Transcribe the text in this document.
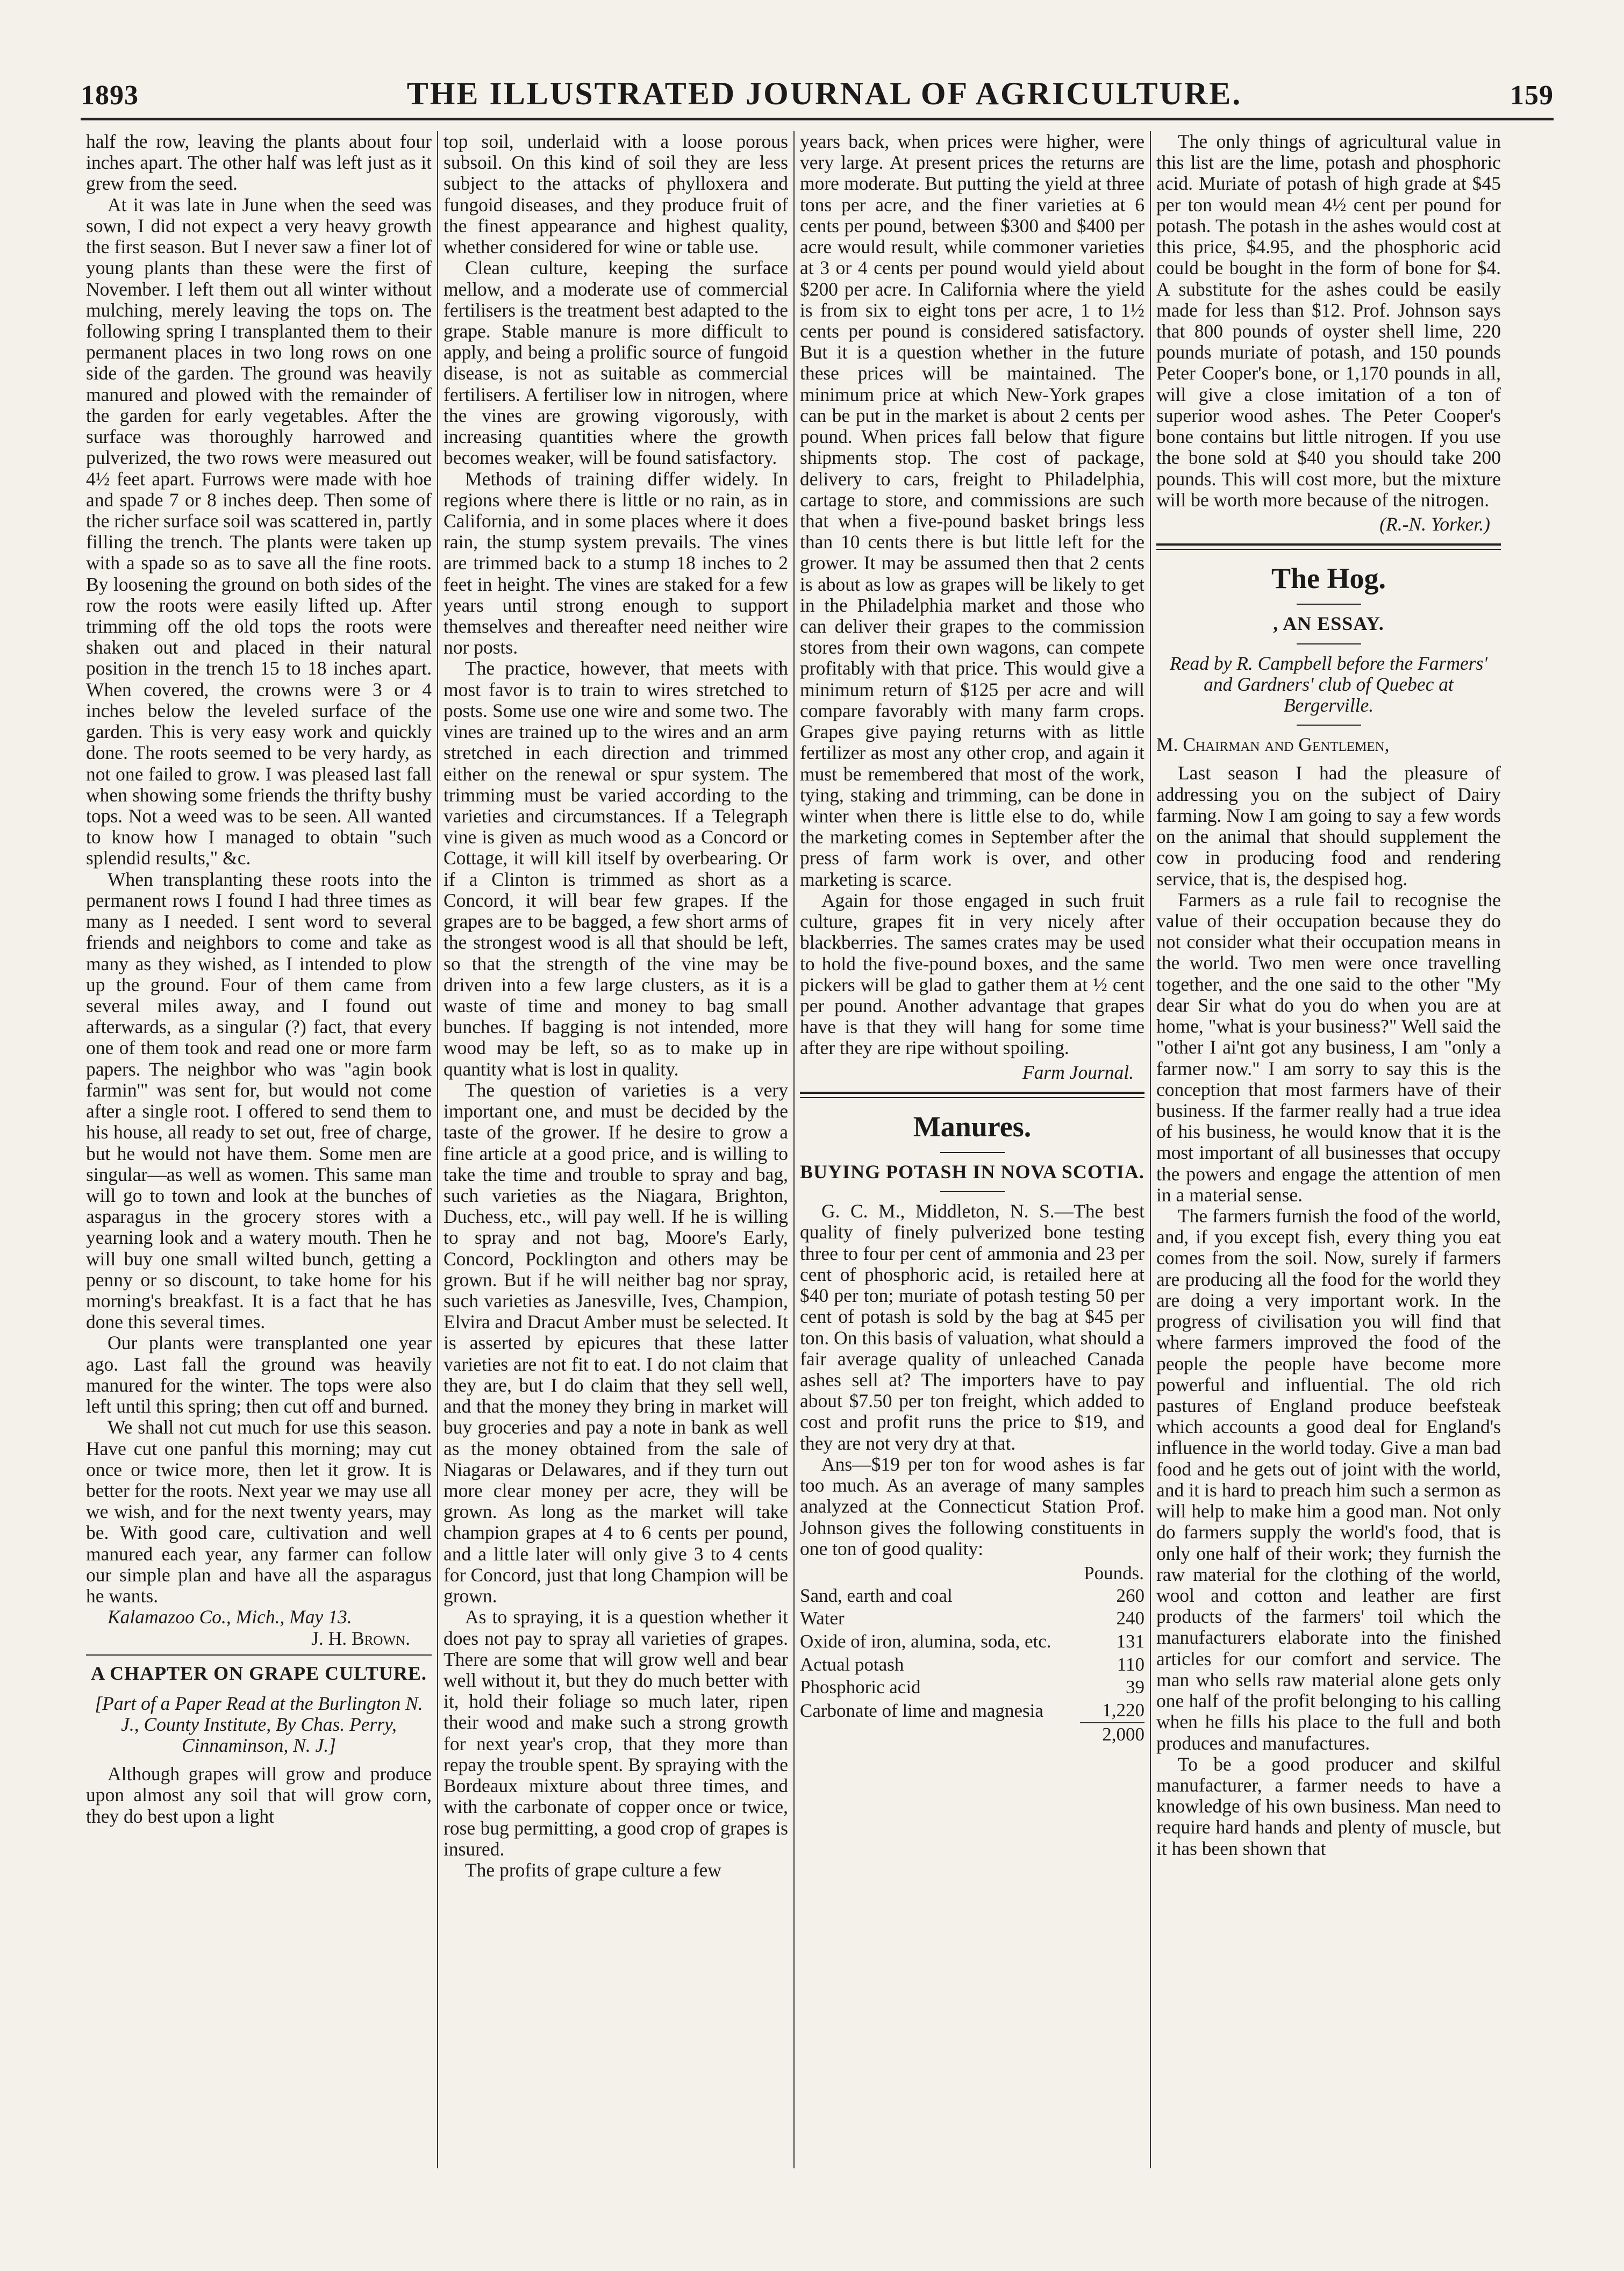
1893	THE ILLUSTRATED JOURNAL OF AGRICULTURE.	159

half the row, leaving the plants about four inches apart. The other half was left just as it grew from the seed.

At it was late in June when the seed was sown, I did not expect a very heavy growth the first season. But I never saw a finer lot of young plants than these were the first of November. I left them out all winter without mulching, merely leaving the tops on. The following spring I transplanted them to their permanent places in two long rows on one side of the garden. The ground was heavily manured and plowed with the remainder of the garden for early vegetables. After the surface was thoroughly harrowed and pulverized, the two rows were measured out 4½ feet apart. Furrows were made with hoe and spade 7 or 8 inches deep. Then some of the richer surface soil was scattered in, partly filling the trench. The plants were taken up with a spade so as to save all the fine roots. By loosening the ground on both sides of the row the roots were easily lifted up. After trimming off the old tops the roots were shaken out and placed in their natural position in the trench 15 to 18 inches apart. When covered, the crowns were 3 or 4 inches below the leveled surface of the garden. This is very easy work and quickly done. The roots seemed to be very hardy, as not one failed to grow. I was pleased last fall when showing some friends the thrifty bushy tops. Not a weed was to be seen. All wanted to know how I managed to obtain "such splendid results," &c.

When transplanting these roots into the permanent rows I found I had three times as many as I needed. I sent word to several friends and neighbors to come and take as many as they wished, as I intended to plow up the ground. Four of them came from several miles away, and I found out afterwards, as a singular (?) fact, that every one of them took and read one or more farm papers. The neighbor who was "agin book farmin'" was sent for, but would not come after a single root. I offered to send them to his house, all ready to set out, free of charge, but he would not have them. Some men are singular—as well as women. This same man will go to town and look at the bunches of asparagus in the grocery stores with a yearning look and a watery mouth. Then he will buy one small wilted bunch, getting a penny or so discount, to take home for his morning's breakfast. It is a fact that he has done this several times.

Our plants were transplanted one year ago. Last fall the ground was heavily manured for the winter. The tops were also left until this spring; then cut off and burned.

We shall not cut much for use this season. Have cut one panful this morning; may cut once or twice more, then let it grow. It is better for the roots. Next year we may use all we wish, and for the next twenty years, may be. With good care, cultivation and well manured each year, any farmer can follow our simple plan and have all the asparagus he wants.

Kalamazoo Co., Mich., May 13.

J. H. Brown.
A CHAPTER ON GRAPE CULTURE.
[Part of a Paper Read at the Burlington N. J., County Institute, By Chas. Perry, Cinnaminson, N. J.]

Although grapes will grow and produce upon almost any soil that will grow corn, they do best upon a light

top soil, underlaid with a loose porous subsoil. On this kind of soil they are less subject to the attacks of phylloxera and fungoid diseases, and they produce fruit of the finest appearance and highest quality, whether considered for wine or table use.

Clean culture, keeping the surface mellow, and a moderate use of commercial fertilisers is the treatment best adapted to the grape. Stable manure is more difficult to apply, and being a prolific source of fungoid disease, is not as suitable as commercial fertilisers. A fertiliser low in nitrogen, where the vines are growing vigorously, with increasing quantities where the growth becomes weaker, will be found satisfactory.

Methods of training differ widely. In regions where there is little or no rain, as in California, and in some places where it does rain, the stump system prevails. The vines are trimmed back to a stump 18 inches to 2 feet in height. The vines are staked for a few years until strong enough to support themselves and thereafter need neither wire nor posts.

The practice, however, that meets with most favor is to train to wires stretched to posts. Some use one wire and some two. The vines are trained up to the wires and an arm stretched in each direction and trimmed either on the renewal or spur system. The trimming must be varied according to the varieties and circumstances. If a Telegraph vine is given as much wood as a Concord or Cottage, it will kill itself by overbearing. Or if a Clinton is trimmed as short as a Concord, it will bear few grapes. If the grapes are to be bagged, a few short arms of the strongest wood is all that should be left, so that the strength of the vine may be driven into a few large clusters, as it is a waste of time and money to bag small bunches. If bagging is not intended, more wood may be left, so as to make up in quantity what is lost in quality.

The question of varieties is a very important one, and must be decided by the taste of the grower. If he desire to grow a fine article at a good price, and is willing to take the time and trouble to spray and bag, such varieties as the Niagara, Brighton, Duchess, etc., will pay well. If he is willing to spray and not bag, Moore's Early, Concord, Pocklington and others may be grown. But if he will neither bag nor spray, such varieties as Janesville, Ives, Champion, Elvira and Dracut Amber must be selected. It is asserted by epicures that these latter varieties are not fit to eat. I do not claim that they are, but I do claim that they sell well, and that the money they bring in market will buy groceries and pay a note in bank as well as the money obtained from the sale of Niagaras or Delawares, and if they turn out more clear money per acre, they will be grown. As long as the market will take champion grapes at 4 to 6 cents per pound, and a little later will only give 3 to 4 cents for Concord, just that long Champion will be grown.

As to spraying, it is a question whether it does not pay to spray all varieties of grapes. There are some that will grow well and bear well without it, but they do much better with it, hold their foliage so much later, ripen their wood and make such a strong growth for next year's crop, that they more than repay the trouble spent. By spraying with the Bordeaux mixture about three times, and with the carbonate of copper once or twice, rose bug permitting, a good crop of grapes is insured.

The profits of grape culture a few

years back, when prices were higher, were very large. At present prices the returns are more moderate. But putting the yield at three tons per acre, and the finer varieties at 6 cents per pound, between $300 and $400 per acre would result, while commoner varieties at 3 or 4 cents per pound would yield about $200 per acre. In California where the yield is from six to eight tons per acre, 1 to 1½ cents per pound is considered satisfactory. But it is a question whether in the future these prices will be maintained. The minimum price at which New-York grapes can be put in the market is about 2 cents per pound. When prices fall below that figure shipments stop. The cost of package, delivery to cars, freight to Philadelphia, cartage to store, and commissions are such that when a five-pound basket brings less than 10 cents there is but little left for the grower. It may be assumed then that 2 cents is about as low as grapes will be likely to get in the Philadelphia market and those who can deliver their grapes to the commission stores from their own wagons, can compete profitably with that price. This would give a minimum return of $125 per acre and will compare favorably with many farm crops. Grapes give paying returns with as little fertilizer as most any other crop, and again it must be remembered that most of the work, tying, staking and trimming, can be done in winter when there is little else to do, while the marketing comes in September after the press of farm work is over, and other marketing is scarce.

Again for those engaged in such fruit culture, grapes fit in very nicely after blackberries. The sames crates may be used to hold the five-pound boxes, and the same pickers will be glad to gather them at ½ cent per pound. Another advantage that grapes have is that they will hang for some time after they are ripe without spoiling.

Farm Journal.
Manures.
BUYING POTASH IN NOVA SCOTIA.

G. C. M., Middleton, N. S.—The best quality of finely pulverized bone testing three to four per cent of ammonia and 23 per cent of phosphoric acid, is retailed here at $40 per ton; muriate of potash testing 50 per cent of potash is sold by the bag at $45 per ton. On this basis of valuation, what should a fair average quality of unleached Canada ashes sell at? The importers have to pay about $7.50 per ton freight, which added to cost and profit runs the price to $19, and they are not very dry at that.

Ans—$19 per ton for wood ashes is far too much. As an average of many samples analyzed at the Connecticut Station Prof. Johnson gives the following constituents in one ton of good quality:

	Pounds.
Sand, earth and coal	260
Water	240
Oxide of iron, alumina, soda, etc.	131
Actual potash	110
Phosphoric acid	39
Carbonate of lime and magnesia	1,220
	2,000

The only things of agricultural value in this list are the lime, potash and phosphoric acid. Muriate of potash of high grade at $45 per ton would mean 4½ cent per pound for potash. The potash in the ashes would cost at this price, $4.95, and the phosphoric acid could be bought in the form of bone for $4. A substitute for the ashes could be easily made for less than $12. Prof. Johnson says that 800 pounds of oyster shell lime, 220 pounds muriate of potash, and 150 pounds Peter Cooper's bone, or 1,170 pounds in all, will give a close imitation of a ton of superior wood ashes. The Peter Cooper's bone contains but little nitrogen. If you use the bone sold at $40 you should take 200 pounds. This will cost more, but the mixture will be worth more because of the nitrogen.

(R.-N. Yorker.)
The Hog.
, AN ESSAY.
Read by R. Campbell before the Farmers' and Gardners' club of Quebec at Bergerville.

M. Chairman and Gentlemen,

Last season I had the pleasure of addressing you on the subject of Dairy farming. Now I am going to say a few words on the animal that should supplement the cow in producing food and rendering service, that is, the despised hog.

Farmers as a rule fail to recognise the value of their occupation because they do not consider what their occupation means in the world. Two men were once travelling together, and the one said to the other "My dear Sir what do you do when you are at home, "what is your business?" Well said the "other I ai'nt got any business, I am "only a farmer now." I am sorry to say this is the conception that most farmers have of their business. If the farmer really had a true idea of his business, he would know that it is the most important of all businesses that occupy the powers and engage the attention of men in a material sense.

The farmers furnish the food of the world, and, if you except fish, every thing you eat comes from the soil. Now, surely if farmers are producing all the food for the world they are doing a very important work. In the progress of civilisation you will find that where farmers improved the food of the people the people have become more powerful and influential. The old rich pastures of England produce beefsteak which accounts a good deal for England's influence in the world today. Give a man bad food and he gets out of joint with the world, and it is hard to preach him such a sermon as will help to make him a good man. Not only do farmers supply the world's food, that is only one half of their work; they furnish the raw material for the clothing of the world, wool and cotton and leather are first products of the farmers' toil which the manufacturers elaborate into the finished articles for our comfort and service. The man who sells raw material alone gets only one half of the profit belonging to his calling when he fills his place to the full and both produces and manufactures.

To be a good producer and skilful manufacturer, a farmer needs to have a knowledge of his own business. Man need to require hard hands and plenty of muscle, but it has been shown that
